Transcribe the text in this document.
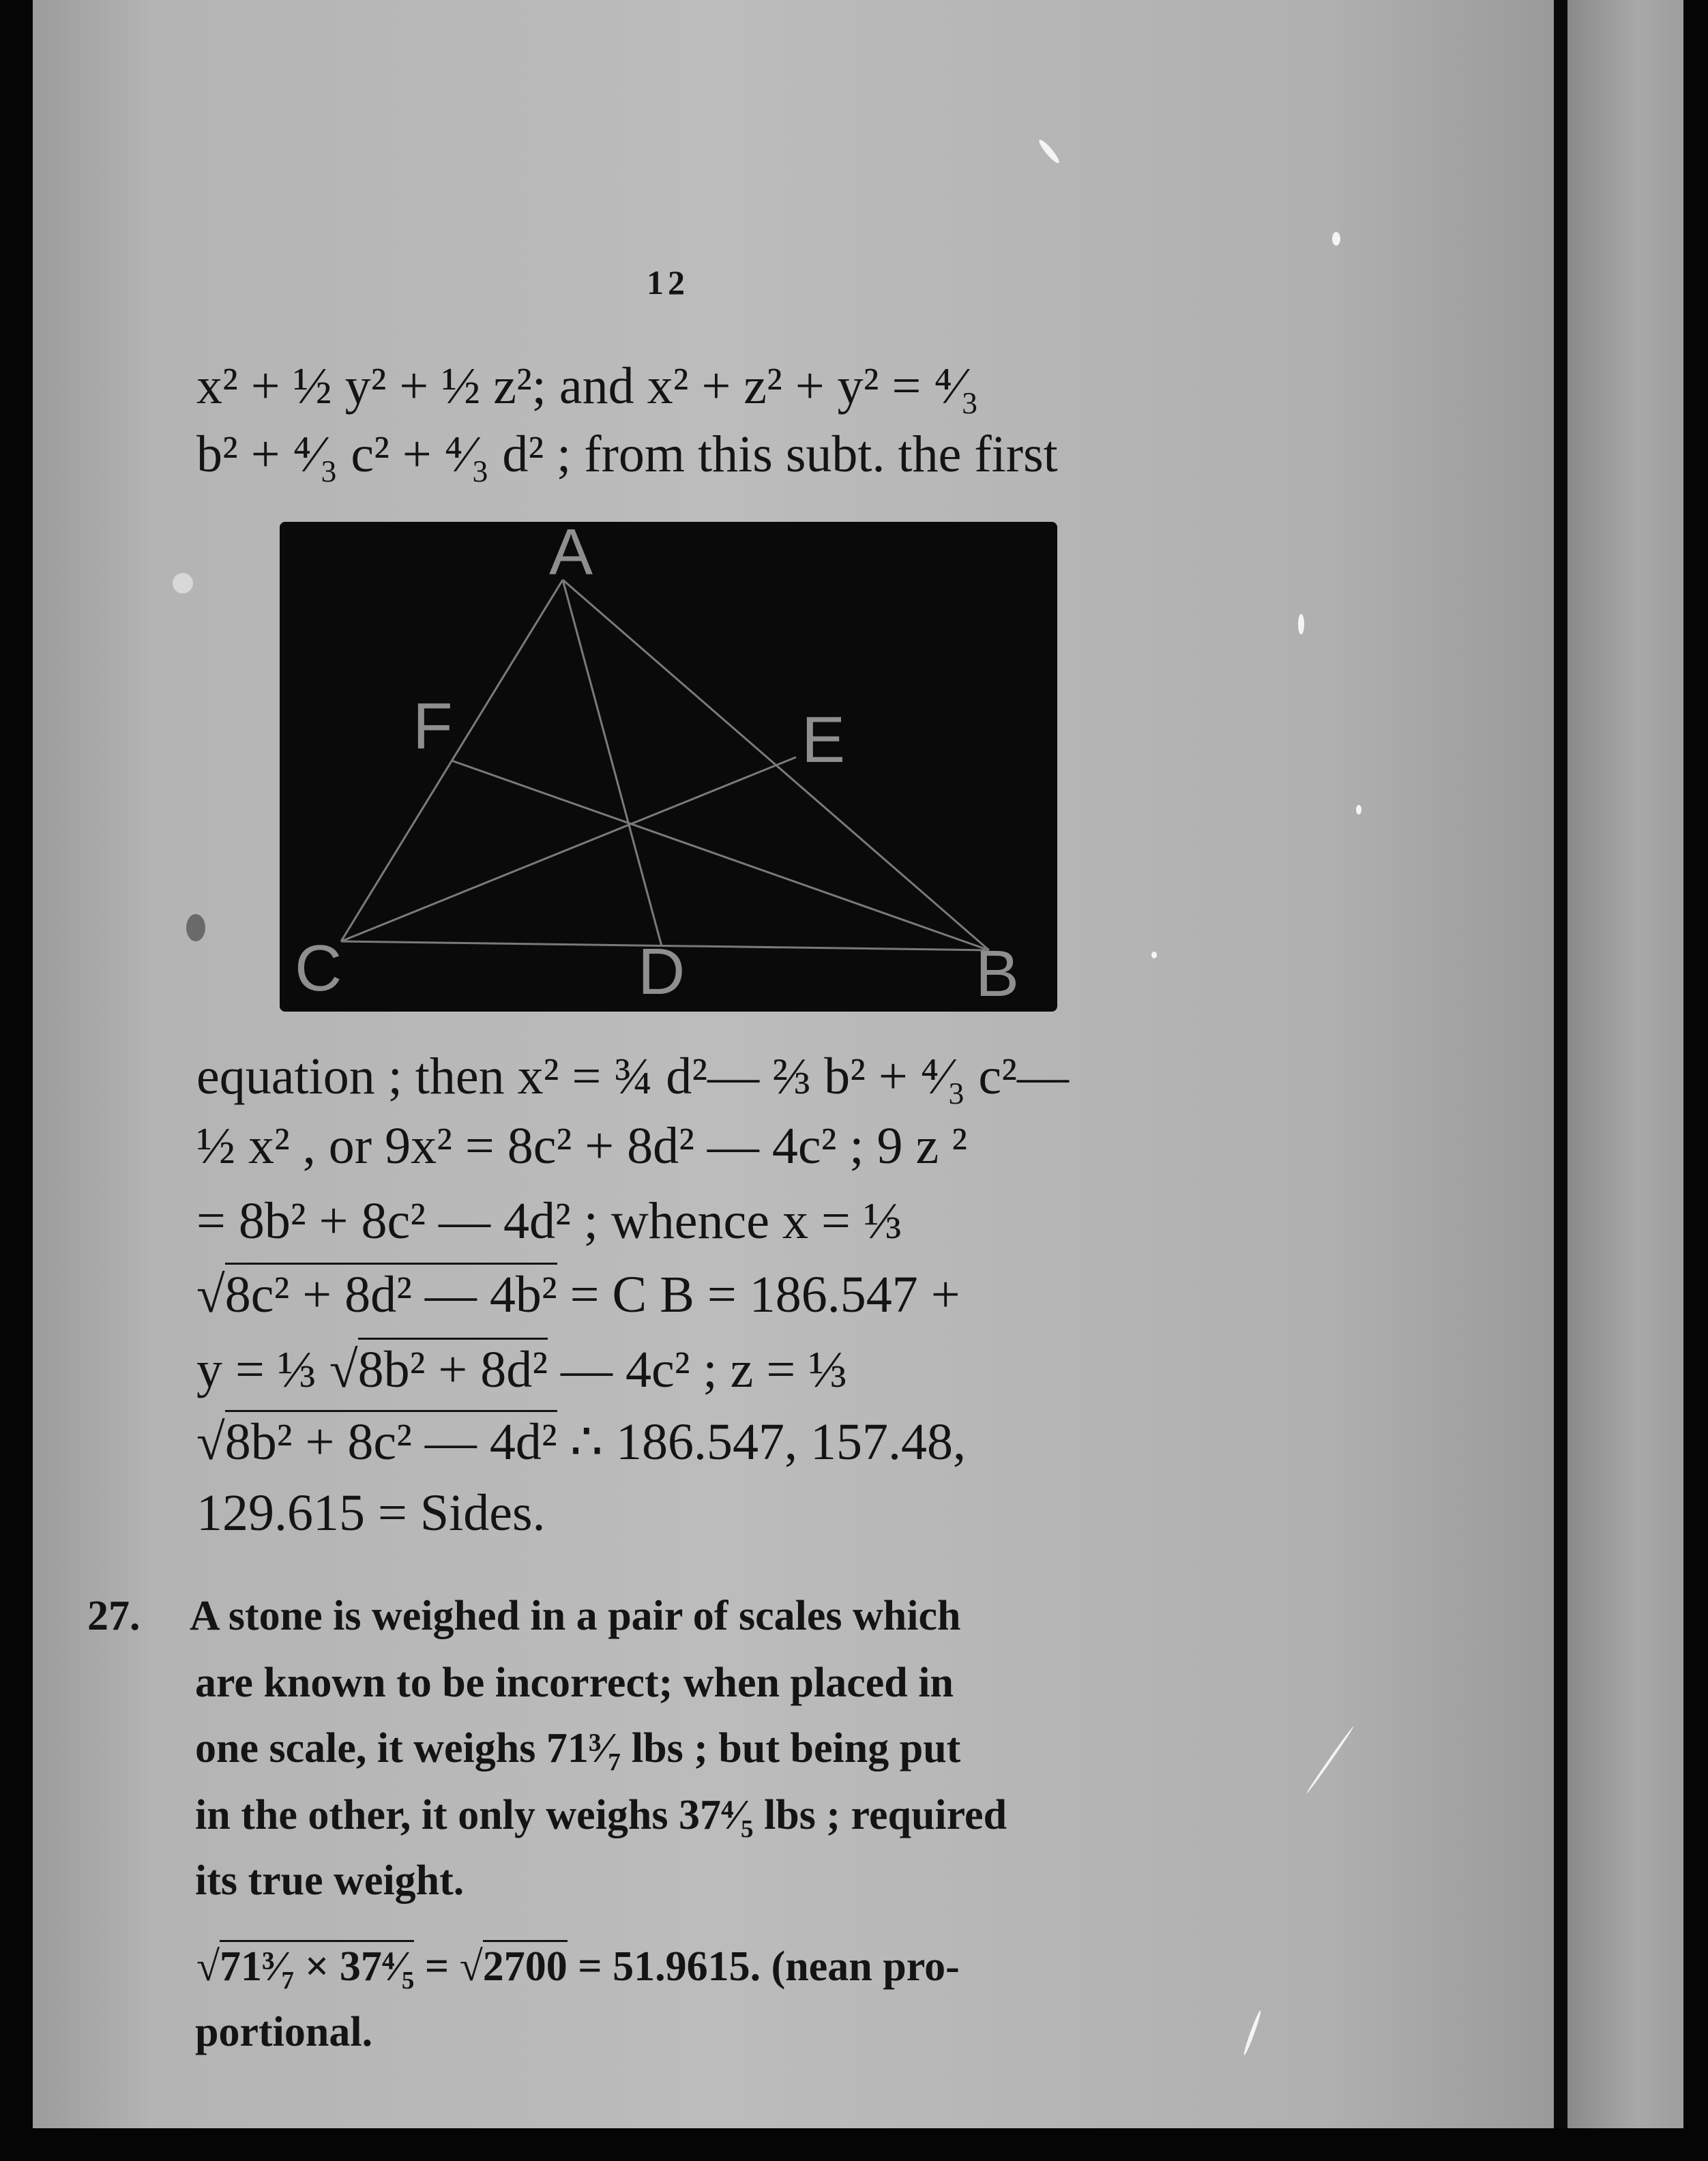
12
x² + ½ y² + ½ z²; and x² + z² + y² = ⁴⁄₃
b² + ⁴⁄₃ c² + ⁴⁄₃ d² ; from this subt. the first
A
F	E
C	D	B
equation ; then x² = ¾ d²— ⅔ b² + ⁴⁄₃ c²—
½ x² , or 9x² = 8c² + 8d² — 4c² ; 9 z ²
= 8b² + 8c² — 4d² ; whence x = ⅓
√8c² + 8d² — 4b² = C B = 186.547 +
y = ⅓ √8b² + 8d² — 4c² ; z = ⅓
√8b² + 8c² — 4d² ∴ 186.547, 157.48,
129.615 = Sides.
27. A stone is weighed in a pair of scales which
are known to be incorrect; when placed in
one scale, it weighs 71³⁄₇ lbs ; but being put
in the other, it only weighs 37⁴⁄₅ lbs ; required
its true weight.
√71³⁄₇ × 37⁴⁄₅ = √2700 = 51.9615. (nean pro-
portional.
